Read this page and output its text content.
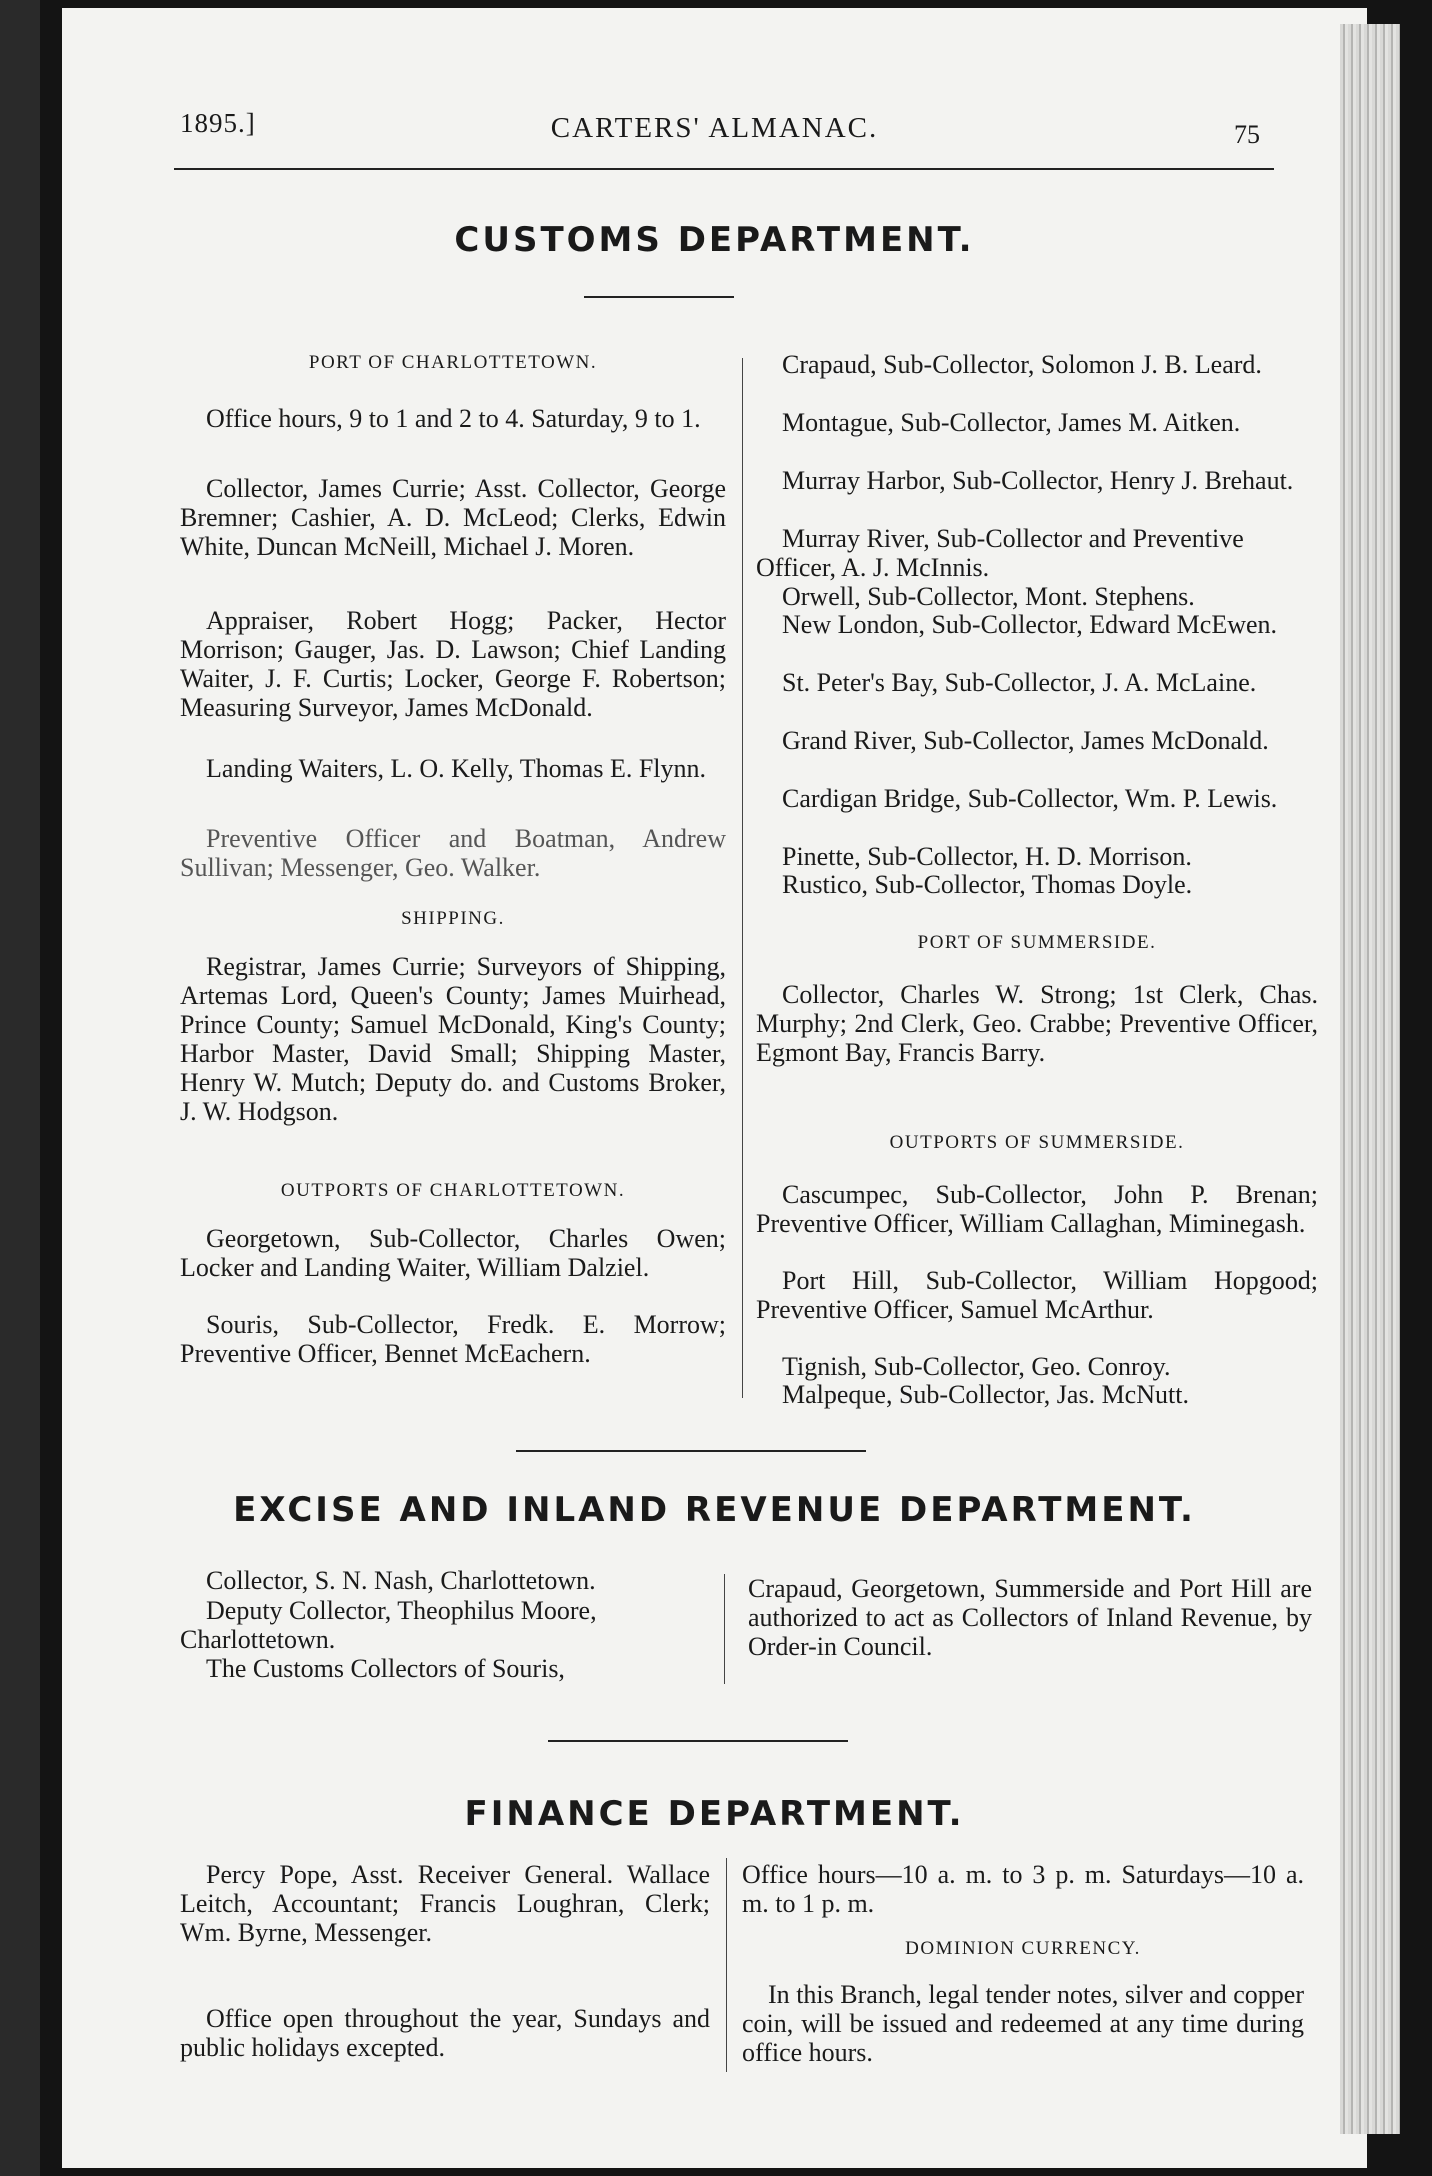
1895.]	CARTERS' ALMANAC.	75
CUSTOMS DEPARTMENT.
PORT OF CHARLOTTETOWN.

Office hours, 9 to 1 and 2 to 4. Saturday, 9 to 1.

Collector, James Currie; Asst. Collector, George Bremner; Cashier, A. D. McLeod; Clerks, Edwin White, Duncan McNeill, Michael J. Moren.

Appraiser, Robert Hogg; Packer, Hector Morrison; Gauger, Jas. D. Lawson; Chief Landing Waiter, J. F. Curtis; Locker, George F. Robertson; Measuring Surveyor, James McDonald.

Landing Waiters, L. O. Kelly, Thomas E. Flynn.

Preventive Officer and Boatman, Andrew Sullivan; Messenger, Geo. Walker.

SHIPPING.

Registrar, James Currie; Surveyors of Shipping, Artemas Lord, Queen's County; James Muirhead, Prince County; Samuel McDonald, King's County; Harbor Master, David Small; Shipping Master, Henry W. Mutch; Deputy do. and Customs Broker, J. W. Hodgson.

OUTPORTS OF CHARLOTTETOWN.

Georgetown, Sub-Collector, Charles Owen; Locker and Landing Waiter, William Dalziel.

Souris, Sub-Collector, Fredk. E. Morrow; Preventive Officer, Bennet McEachern.

Crapaud, Sub-Collector, Solomon J. B. Leard.

Montague, Sub-Collector, James M. Aitken.

Murray Harbor, Sub-Collector, Henry J. Brehaut.

Murray River, Sub-Collector and Preventive Officer, A. J. McInnis.

Orwell, Sub-Collector, Mont. Stephens.

New London, Sub-Collector, Edward McEwen.

St. Peter's Bay, Sub-Collector, J. A. McLaine.

Grand River, Sub-Collector, James McDonald.

Cardigan Bridge, Sub-Collector, Wm. P. Lewis.

Pinette, Sub-Collector, H. D. Morrison.

Rustico, Sub-Collector, Thomas Doyle.

PORT OF SUMMERSIDE.

Collector, Charles W. Strong; 1st Clerk, Chas. Murphy; 2nd Clerk, Geo. Crabbe; Preventive Officer, Egmont Bay, Francis Barry.

OUTPORTS OF SUMMERSIDE.

Cascumpec, Sub-Collector, John P. Brenan; Preventive Officer, William Callaghan, Miminegash.

Port Hill, Sub-Collector, William Hopgood; Preventive Officer, Samuel McArthur.

Tignish, Sub-Collector, Geo. Conroy.

Malpeque, Sub-Collector, Jas. McNutt.

EXCISE AND INLAND REVENUE DEPARTMENT.

Collector, S. N. Nash, Charlottetown.

Deputy Collector, Theophilus Moore, Charlottetown.

The Customs Collectors of Souris,

Crapaud, Georgetown, Summerside and Port Hill are authorized to act as Collectors of Inland Revenue, by Order-in Council.

FINANCE DEPARTMENT.

Percy Pope, Asst. Receiver General. Wallace Leitch, Accountant; Francis Loughran, Clerk; Wm. Byrne, Messenger.

Office open throughout the year, Sundays and public holidays excepted.

Office hours—10 a. m. to 3 p. m. Saturdays—10 a. m. to 1 p. m.

DOMINION CURRENCY.

In this Branch, legal tender notes, silver and copper coin, will be issued and redeemed at any time during office hours.
